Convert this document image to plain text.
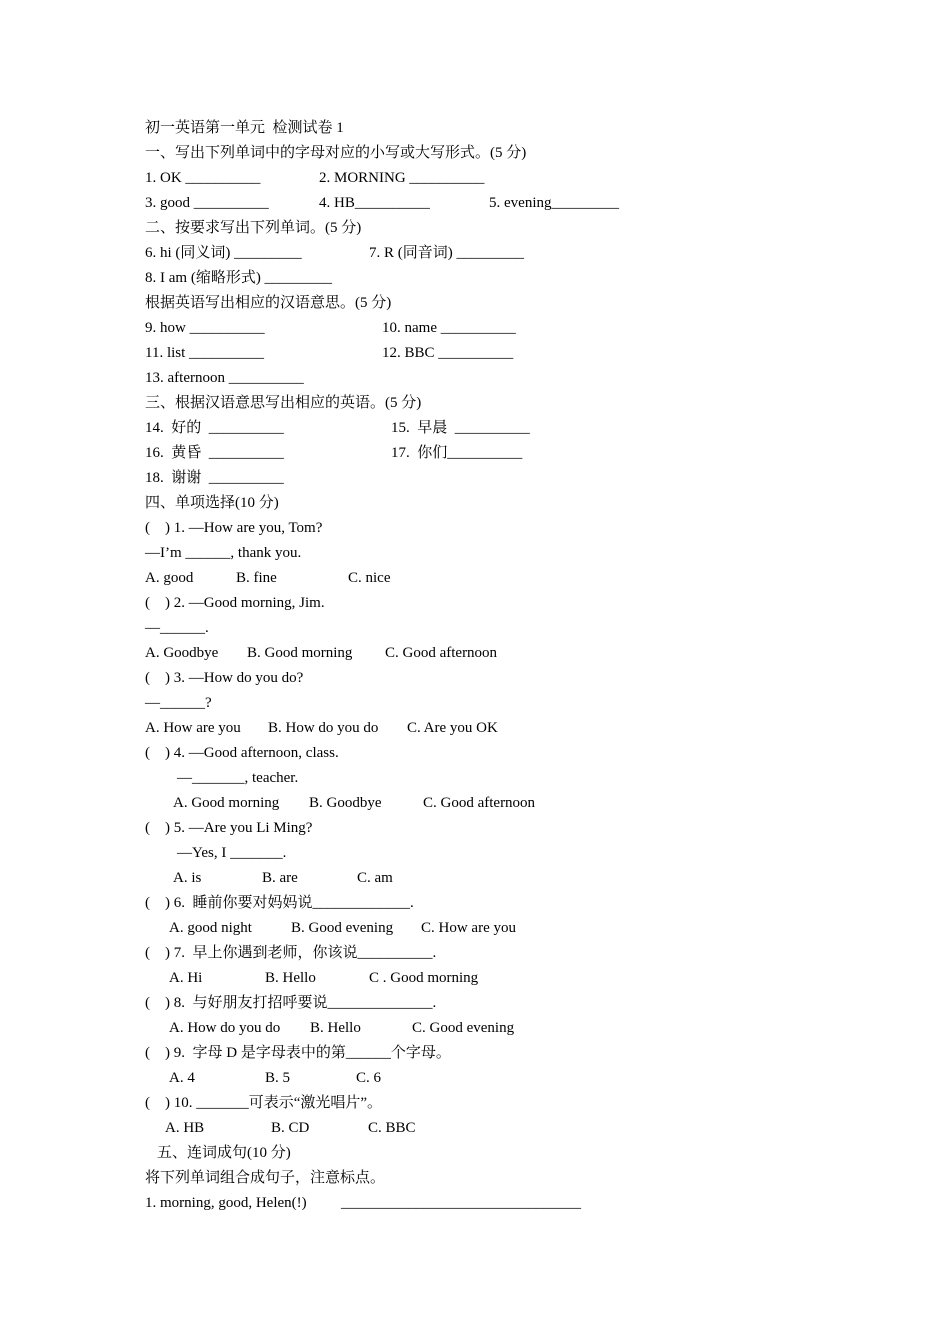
初一英语第一单元  检测试卷 1
一、写出下列单词中的字母对应的小写或大写形式。(5 分)
1. OK __________	2. MORNING __________
3. good __________	4. HB__________	5. evening_________
二、按要求写出下列单词。(5 分)
6. hi (同义词) _________	7. R (同音词) _________
8. I am (缩略形式) _________
根据英语写出相应的汉语意思。(5 分)
9. how __________	10. name __________
11. list __________	12. BBC __________
13. afternoon __________
三、根据汉语意思写出相应的英语。(5 分)
14.  好的  __________	15.  早晨  __________
16.  黄昏  __________	17.  你们__________
18.  谢谢  __________
四、单项选择(10 分)
(    ) 1. —How are you, Tom?
—I’m ______, thank you.
A. good	B. fine	C. nice
(    ) 2. —Good morning, Jim.
—______.
A. Goodbye B. Good morning C. Good afternoon
(    ) 3. —How do you do?
—______?
A. How are you B. How do you do C. Are you OK
(    ) 4. —Good afternoon, class.
—_______, teacher.
A. Good morning B. Goodbye	C. Good afternoon
(    ) 5. —Are you Li Ming?
—Yes, I _______.
A. is	B. are	C. am
(    ) 6.  睡前你要对妈妈说_____________.
A. good night	B. Good evening C. How are you
(    ) 7.  早上你遇到老师，你该说__________.
A. Hi	B. Hello	C . Good morning
(    ) 8.  与好朋友打招呼要说______________.
A. How do you do B. Hello	C. Good evening
(    ) 9.  字母 D 是字母表中的第______个字母。
A. 4	B. 5	C. 6
(    ) 10. _______可表示“激光唱片”。
A. HB	B. CD	C. BBC
五、连词成句(10 分)
将下列单词组合成句子，注意标点。
1. morning, good, Helen(!) ________________________________
